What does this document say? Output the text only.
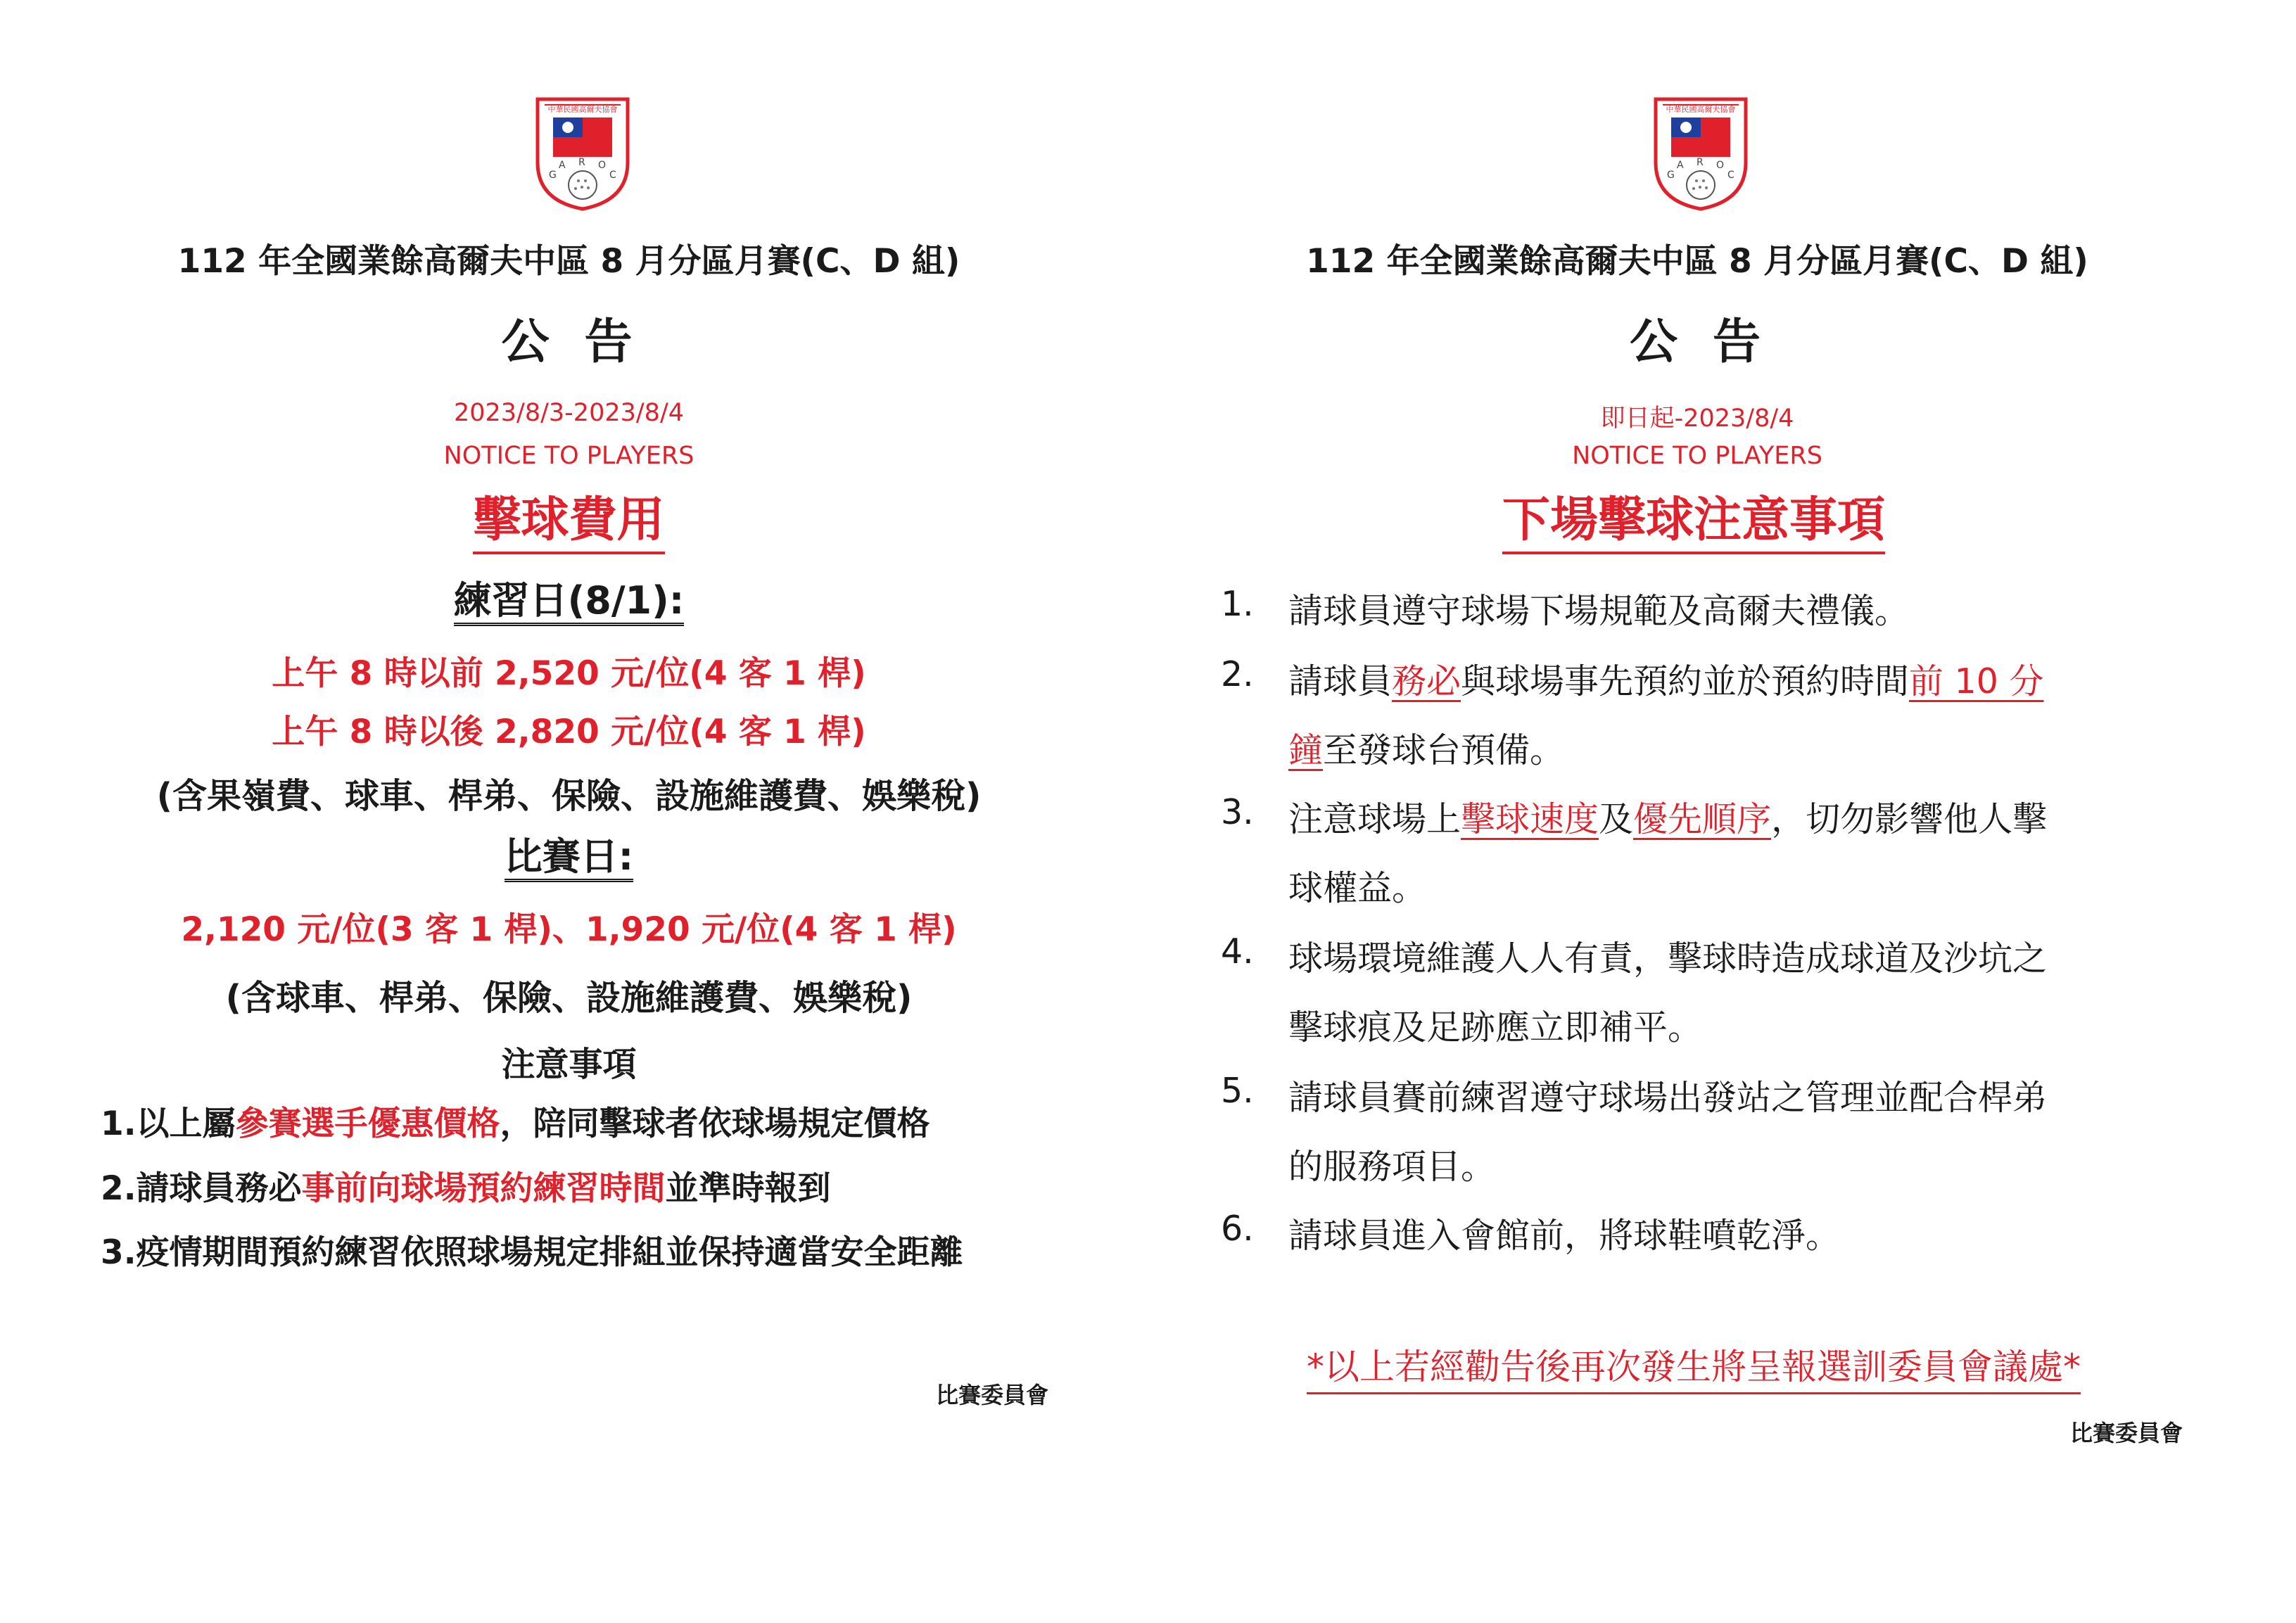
中華民國高爾夫協會
G
A R O
C
112 年全國業餘高爾夫中區 8 月分區月賽(C、D 組)
公告
2023/8/3-2023/8/4
NOTICE TO PLAYERS
擊球費用
練習日(8/1):
上午 8 時以前 2,520 元/位(4 客 1 桿)
上午 8 時以後 2,820 元/位(4 客 1 桿)
(含果嶺費、球車、桿弟、保險、設施維護費、娛樂稅)
比賽日:
2,120 元/位(3 客 1 桿)、1,920 元/位(4 客 1 桿)
(含球車、桿弟、保險、設施維護費、娛樂稅)
注意事項
1.以上屬參賽選手優惠價格，陪同擊球者依球場規定價格
2.請球員務必事前向球場預約練習時間並準時報到
3.疫情期間預約練習依照球場規定排組並保持適當安全距離
比賽委員會
中華民國高爾夫協會
G
A R O
C
112 年全國業餘高爾夫中區 8 月分區月賽(C、D 組)
公告
即日起-2023/8/4
NOTICE TO PLAYERS
下場擊球注意事項
1. 請球員遵守球場下場規範及高爾夫禮儀。
2. 請球員務必與球場事先預約並於預約時間前 10 分
鐘至發球台預備。
3. 注意球場上擊球速度及優先順序，切勿影響他人擊
球權益。
4. 球場環境維護人人有責，擊球時造成球道及沙坑之
擊球痕及足跡應立即補平。
5. 請球員賽前練習遵守球場出發站之管理並配合桿弟
的服務項目。
6. 請球員進入會館前，將球鞋噴乾淨。
*以上若經勸告後再次發生將呈報選訓委員會議處*
比賽委員會
